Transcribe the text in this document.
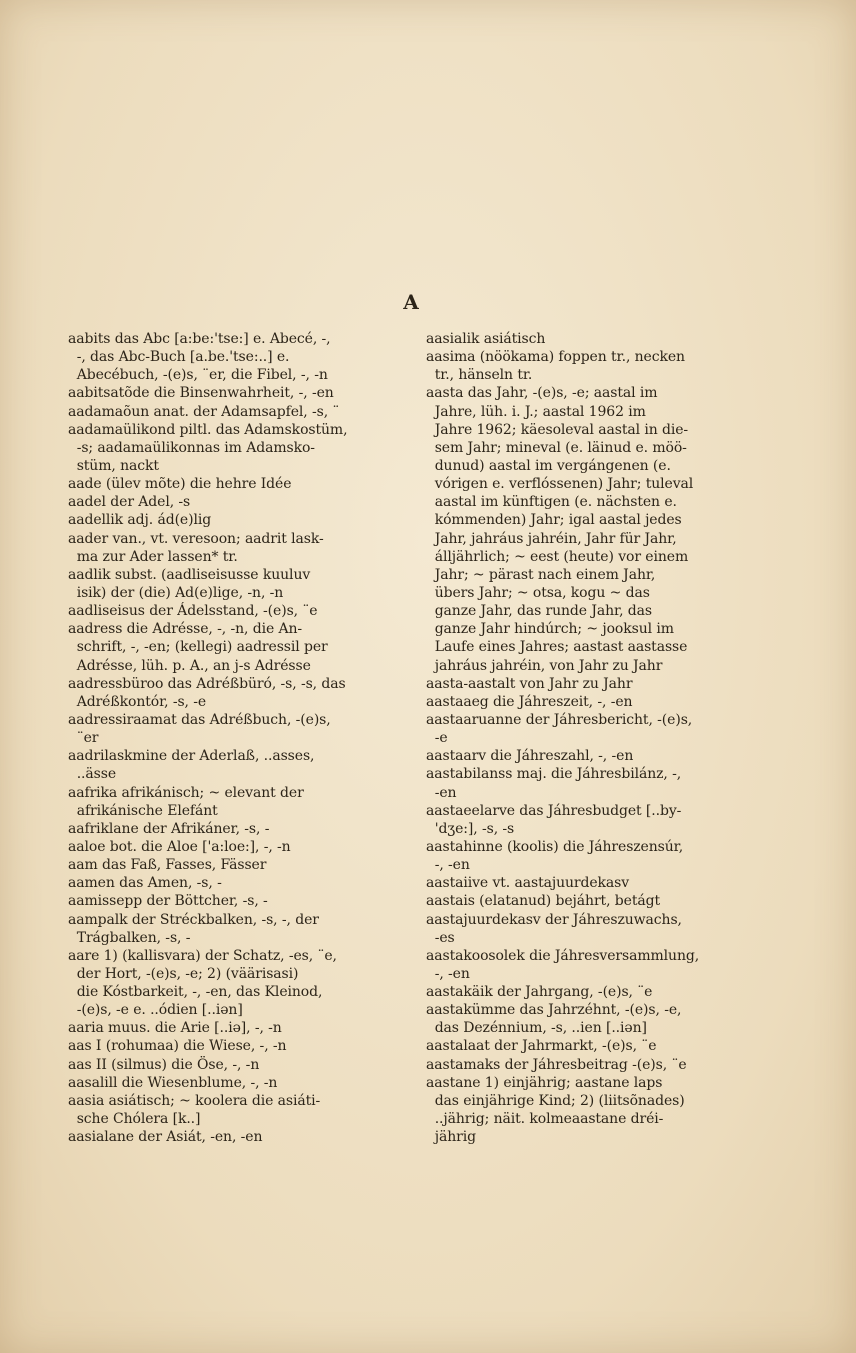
A
aabits das Abc [a:be:'tse:] e. Abecé, -,
-, das Abc-Buch [a.be.'tse:..] e.
Abecébuch, -(e)s, ¨er, die Fibel, -, -n
aabitsatõde die Binsenwahrheit, -, -en
aadamaõun anat. der Adamsapfel, -s, ¨
aadamaülikond piltl. das Adamskostüm,
-s; aadamaülikonnas im Adamsko-
stüm, nackt
aade (ülev mõte) die hehre Idée
aadel der Adel, -s
aadellik adj. ád(e)lig
aader van., vt. veresoon; aadrit lask-
ma zur Ader lassen* tr.
aadlik subst. (aadliseisusse kuuluv
isik) der (die) Ad(e)lige, -n, -n
aadliseisus der Ádelsstand, -(e)s, ¨e
aadress die Adrésse, -, -n, die An-
schrift, -, -en; (kellegi) aadressil per
Adrésse, lüh. p. A., an j-s Adrésse
aadressbüroo das Adréßbüró, -s, -s, das
Adréßkontór, -s, -e
aadressiraamat das Adréßbuch, -(e)s,
¨er
aadrilaskmine der Aderlaß, ..asses,
..ässe
aafrika afrikánisch; ~ elevant der
afrikánische Elefánt
aafriklane der Afrikáner, -s, -
aaloe bot. die Aloe ['a:loe:], -, -n
aam das Faß, Fasses, Fässer
aamen das Amen, -s, -
aamissepp der Böttcher, -s, -
aampalk der Stréckbalken, -s, -, der
Trágbalken, -s, -
aare 1) (kallisvara) der Schatz, -es, ¨e,
der Hort, -(e)s, -e; 2) (väärisasi)
die Kóstbarkeit, -, -en, das Kleinod,
-(e)s, -e e. ..ódien [..iən]
aaria muus. die Arie [..iə], -, -n
aas I (rohumaa) die Wiese, -, -n
aas II (silmus) die Öse, -, -n
aasalill die Wiesenblume, -, -n
aasia asiátisch; ~ koolera die asiáti-
sche Chólera [k..]
aasialane der Asiát, -en, -en
aasialik asiátisch
aasima (nöökama) foppen tr., necken
tr., hänseln tr.
aasta das Jahr, -(e)s, -e; aastal im
Jahre, lüh. i. J.; aastal 1962 im
Jahre 1962; käesoleval aastal in die-
sem Jahr; mineval (e. läinud e. möö-
dunud) aastal im vergángenen (e.
vórigen e. verflóssenen) Jahr; tuleval
aastal im künftigen (e. nächsten e.
kómmenden) Jahr; igal aastal jedes
Jahr, jahráus jahréin, Jahr für Jahr,
álljährlich; ~ eest (heute) vor einem
Jahr; ~ pärast nach einem Jahr,
übers Jahr; ~ otsa, kogu ~ das
ganze Jahr, das runde Jahr, das
ganze Jahr hindúrch; ~ jooksul im
Laufe eines Jahres; aastast aastasse
jahráus jahréin, von Jahr zu Jahr
aasta-aastalt von Jahr zu Jahr
aastaaeg die Jáhreszeit, -, -en
aastaaruanne der Jáhresbericht, -(e)s,
-e
aastaarv die Jáhreszahl, -, -en
aastabilanss maj. die Jáhresbilánz, -,
-en
aastaeelarve das Jáhresbudget [..by-
'dʒe:], -s, -s
aastahinne (koolis) die Jáhreszensúr,
-, -en
aastaiive vt. aastajuurdekasv
aastais (elatanud) bejáhrt, betágt
aastajuurdekasv der Jáhreszuwachs,
-es
aastakoosolek die Jáhresversammlung,
-, -en
aastakäik der Jahrgang, -(e)s, ¨e
aastakümme das Jahrzéhnt, -(e)s, -e,
das Dezénnium, -s, ..ien [..iən]
aastalaat der Jahrmarkt, -(e)s, ¨e
aastamaks der Jáhresbeitrag -(e)s, ¨e
aastane 1) einjährig; aastane laps
das einjährige Kind; 2) (liitsõnades)
..jährig; näit. kolmeaastane dréi-
jährig
